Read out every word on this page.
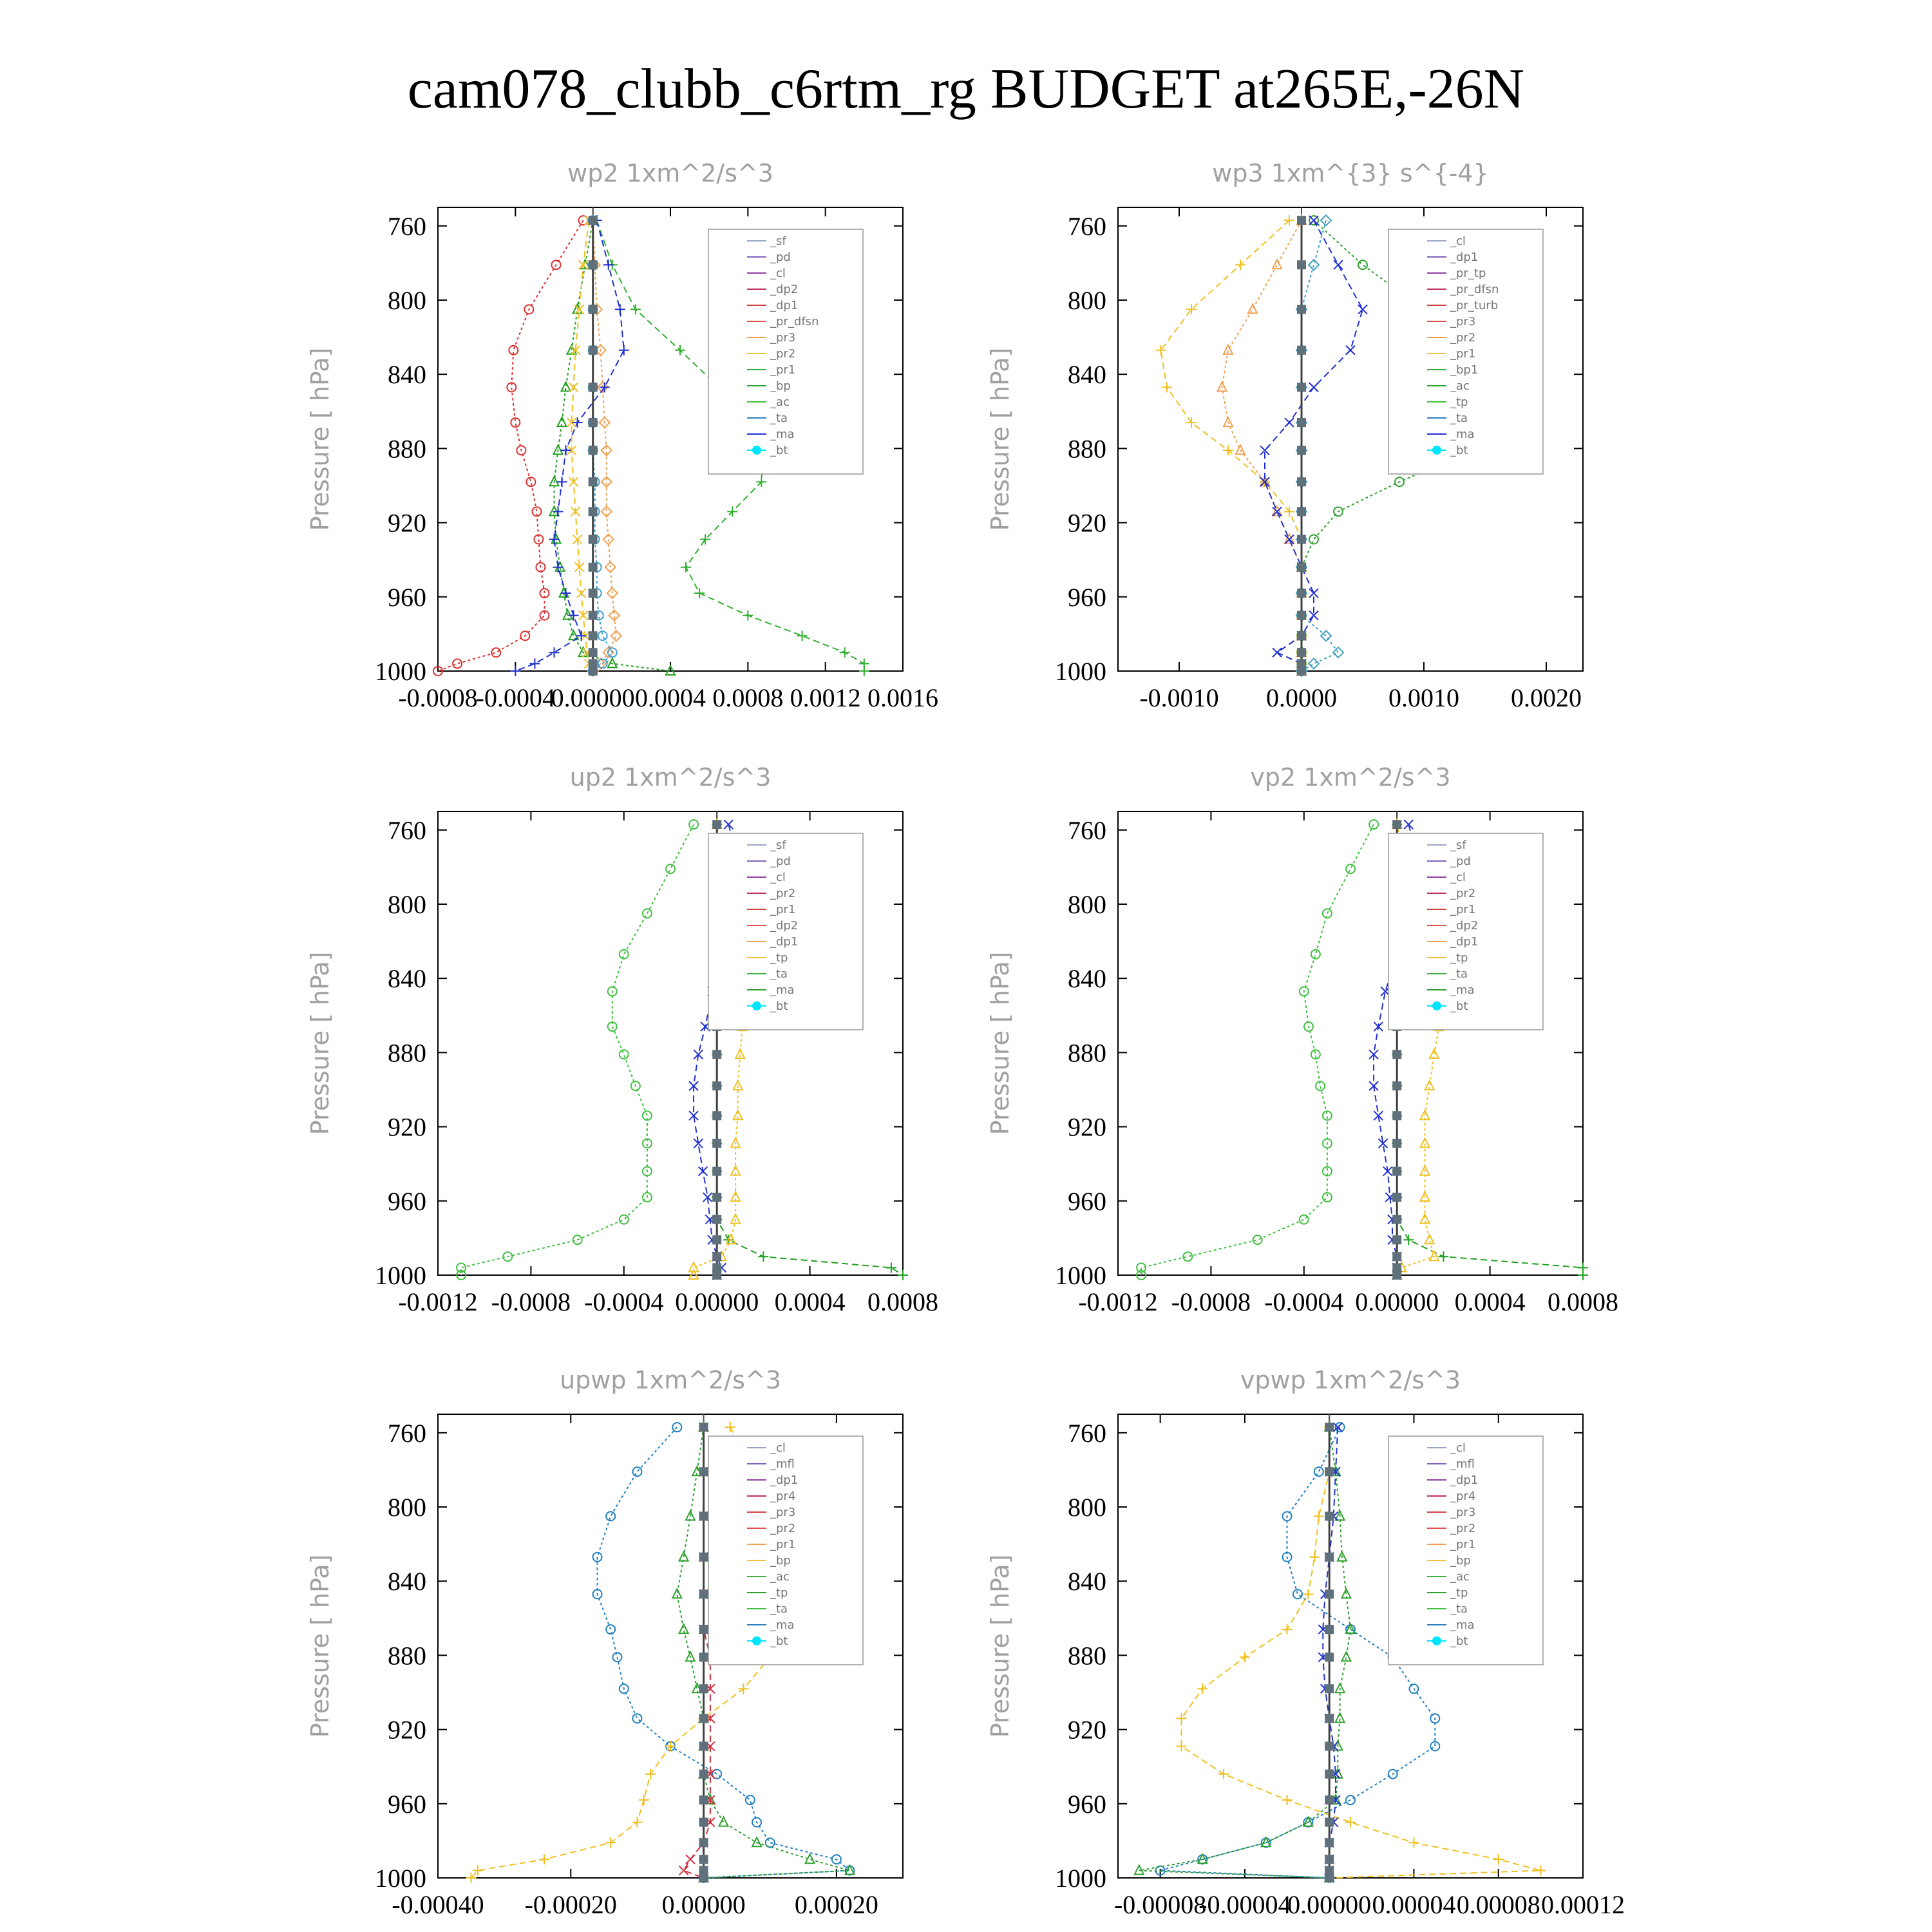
cam078_clubb_c6rtm_rg BUDGET at265E,-26N
wp2 1xm^2/s^3
Pressure [ hPa]
760
800
840
880
920
960
1000
-0.0008
-0.0004
0.00000 0.0004 0.0008 0.0012 0.0016
_sf
_pd
_cl
_dp2
_dp1
_pr_dfsn
_pr3
_pr2
_pr1
_bp
_ac
_ta
_ma
_bt
wp3 1xm^{3} s^{-4}
Pressure [ hPa]
760
800
840
880
920
960
1000
-0.0010 0.0000 0.0010 0.0020
_cl
_dp1
_pr_tp
_pr_dfsn
_pr_turb
_pr3
_pr2
_pr1
_bp1
_ac
_tp
_ta
_ma
_bt
up2 1xm^2/s^3
Pressure [ hPa]
760
800
840
880
920
960
1000
-0.0012 -0.0008 -0.0004 0.00000 0.0004 0.0008
_sf
_pd
_cl
_pr2
_pr1
_dp2
_dp1
_tp
_ta
_ma
_bt
vp2 1xm^2/s^3
Pressure [ hPa]
760
800
840
880
920
960
1000
-0.0012 -0.0008 -0.0004 0.00000 0.0004 0.0008
_sf
_pd
_cl
_pr2
_pr1
_dp2
_dp1
_tp
_ta
_ma
_bt
upwp 1xm^2/s^3
Pressure [ hPa]
760
800
840
880
920
960
1000
-0.00040 -0.00020 0.00000 0.00020
_cl
_mfl
_dp1
_pr4
_pr3
_pr2
_pr1
_bp
_ac
_tp
_ta
_ma
_bt
vpwp 1xm^2/s^3
Pressure [ hPa]
760
800
840
880
920
960
1000
-0.00008
-0.00004
0.00000 0.00004 0.00008 0.00012
_cl
_mfl
_dp1
_pr4
_pr3
_pr2
_pr1
_bp
_ac
_tp
_ta
_ma
_bt
